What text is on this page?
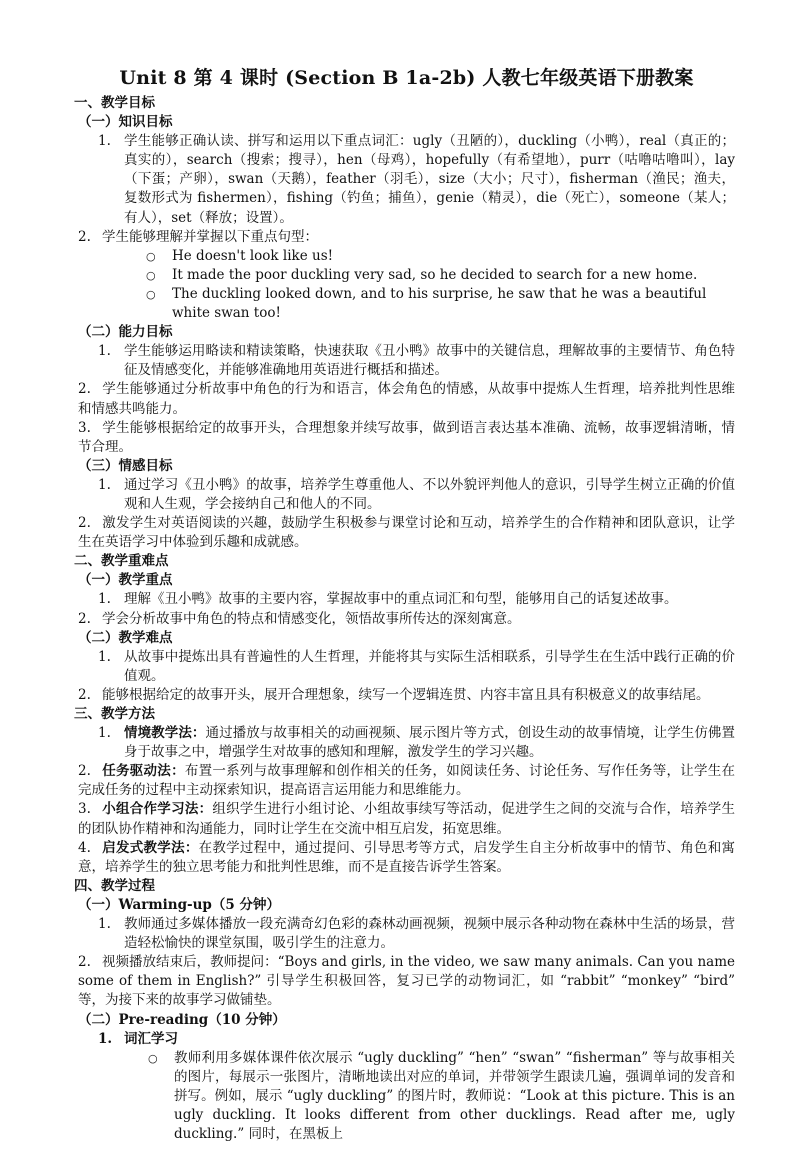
Unit 8 第 4 课时 (Section B 1a-2b) 人教七年级英语下册教案
一、教学目标
（一）知识目标
1. 学生能够正确认读、拼写和运用以下重点词汇：ugly（丑陋的），duckling（小鸭），real（真正的；真实的），search（搜索；搜寻），hen（母鸡），hopefully（有希望地），purr（咕噜咕噜叫），lay（下蛋；产卵），swan（天鹅），feather（羽毛），size（大小；尺寸），fisherman（渔民；渔夫，复数形式为 fishermen），fishing（钓鱼；捕鱼），genie（精灵），die（死亡），someone（某人；有人），set（释放；设置）。
2. 学生能够理解并掌握以下重点句型：
○ He doesn't look like us!
○ It made the poor duckling very sad, so he decided to search for a new home.
○ The duckling looked down, and to his surprise, he saw that he was a beautiful white swan too!
（二）能力目标
1. 学生能够运用略读和精读策略，快速获取《丑小鸭》故事中的关键信息，理解故事的主要情节、角色特征及情感变化，并能够准确地用英语进行概括和描述。
2. 学生能够通过分析故事中角色的行为和语言，体会角色的情感，从故事中提炼人生哲理，培养批判性思维和情感共鸣能力。
3. 学生能够根据给定的故事开头，合理想象并续写故事，做到语言表达基本准确、流畅，故事逻辑清晰，情节合理。
（三）情感目标
1. 通过学习《丑小鸭》的故事，培养学生尊重他人、不以外貌评判他人的意识，引导学生树立正确的价值观和人生观，学会接纳自己和他人的不同。
2. 激发学生对英语阅读的兴趣，鼓励学生积极参与课堂讨论和互动，培养学生的合作精神和团队意识，让学生在英语学习中体验到乐趣和成就感。
二、教学重难点
（一）教学重点
1. 理解《丑小鸭》故事的主要内容，掌握故事中的重点词汇和句型，能够用自己的话复述故事。
2. 学会分析故事中角色的特点和情感变化，领悟故事所传达的深刻寓意。
（二）教学难点
1. 从故事中提炼出具有普遍性的人生哲理，并能将其与实际生活相联系，引导学生在生活中践行正确的价值观。
2. 能够根据给定的故事开头，展开合理想象，续写一个逻辑连贯、内容丰富且具有积极意义的故事结尾。
三、教学方法
1. 情境教学法：通过播放与故事相关的动画视频、展示图片等方式，创设生动的故事情境，让学生仿佛置身于故事之中，增强学生对故事的感知和理解，激发学生的学习兴趣。
2. 任务驱动法：布置一系列与故事理解和创作相关的任务，如阅读任务、讨论任务、写作任务等，让学生在完成任务的过程中主动探索知识，提高语言运用能力和思维能力。
3. 小组合作学习法：组织学生进行小组讨论、小组故事续写等活动，促进学生之间的交流与合作，培养学生的团队协作精神和沟通能力，同时让学生在交流中相互启发，拓宽思维。
4. 启发式教学法：在教学过程中，通过提问、引导思考等方式，启发学生自主分析故事中的情节、角色和寓意，培养学生的独立思考能力和批判性思维，而不是直接告诉学生答案。
四、教学过程
（一）Warming-up（5 分钟）
1. 教师通过多媒体播放一段充满奇幻色彩的森林动画视频，视频中展示各种动物在森林中生活的场景，营造轻松愉快的课堂氛围，吸引学生的注意力。
2. 视频播放结束后，教师提问：“Boys and girls, in the video, we saw many animals. Can you name some of them in English?” 引导学生积极回答，复习已学的动物词汇，如 “rabbit” “monkey” “bird” 等，为接下来的故事学习做铺垫。
（二）Pre-reading（10 分钟）
1. 词汇学习
○ 教师利用多媒体课件依次展示 “ugly duckling” “hen” “swan” “fisherman” 等与故事相关的图片，每展示一张图片，清晰地读出对应的单词，并带领学生跟读几遍，强调单词的发音和拼写。例如，展示 “ugly duckling” 的图片时，教师说：“Look at this picture. This is an ugly duckling. It looks different from other ducklings. Read after me, ugly duckling.” 同时，在黑板上
